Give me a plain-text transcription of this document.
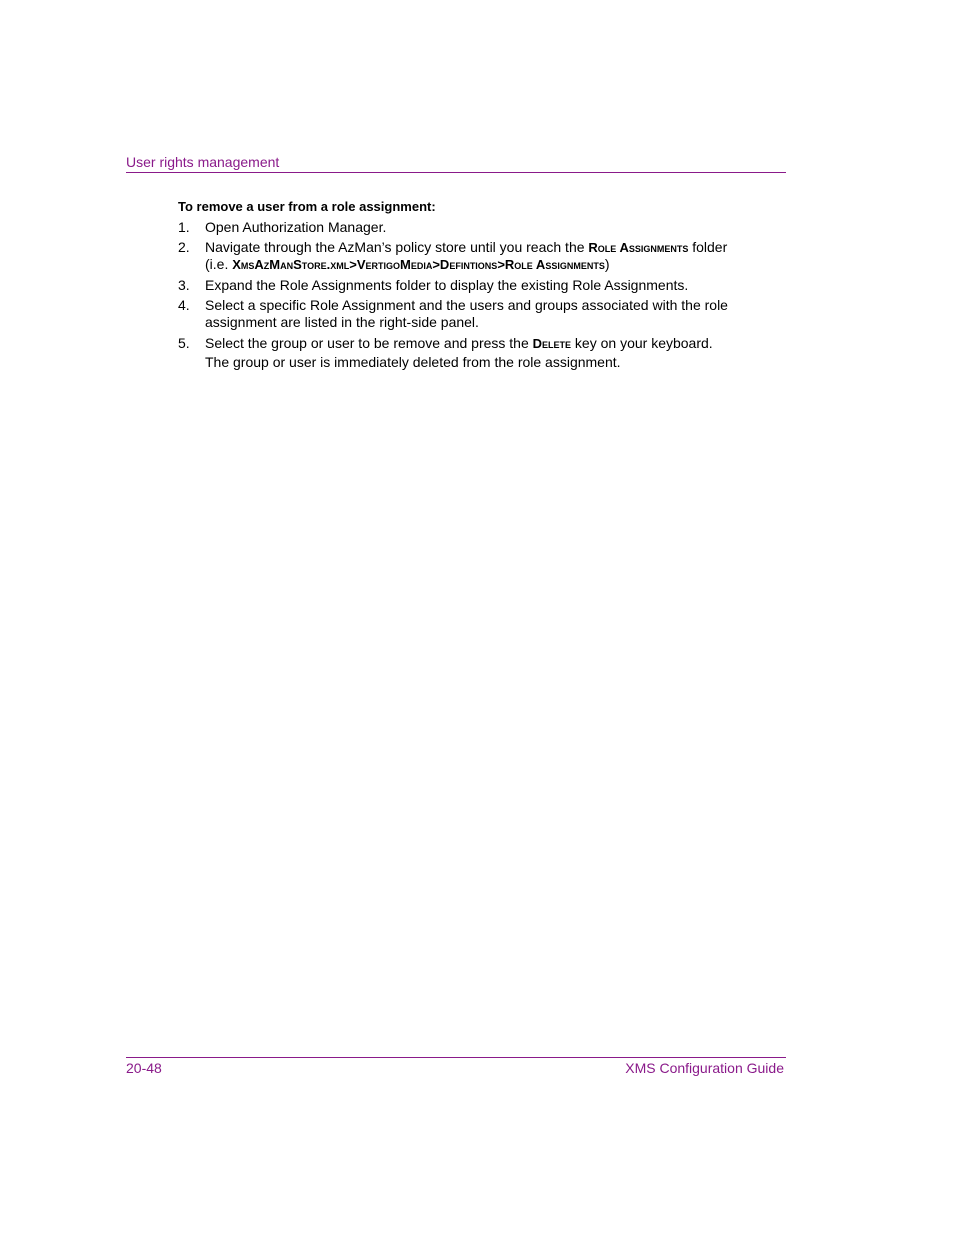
User rights management
To remove a user from a role assignment:
1. Open Authorization Manager.
2. Navigate through the AzMan’s policy store until you reach the Role Assignments folder
(i.e. XmsAzManStore.xml>VertigoMedia>Defintions>Role Assignments)
3. Expand the Role Assignments folder to display the existing Role Assignments.
4. Select a specific Role Assignment and the users and groups associated with the role assignment are listed in the right-side panel.
5. Select the group or user to be remove and press the Delete key on your keyboard.
The group or user is immediately deleted from the role assignment.
20-48	XMS Configuration Guide
